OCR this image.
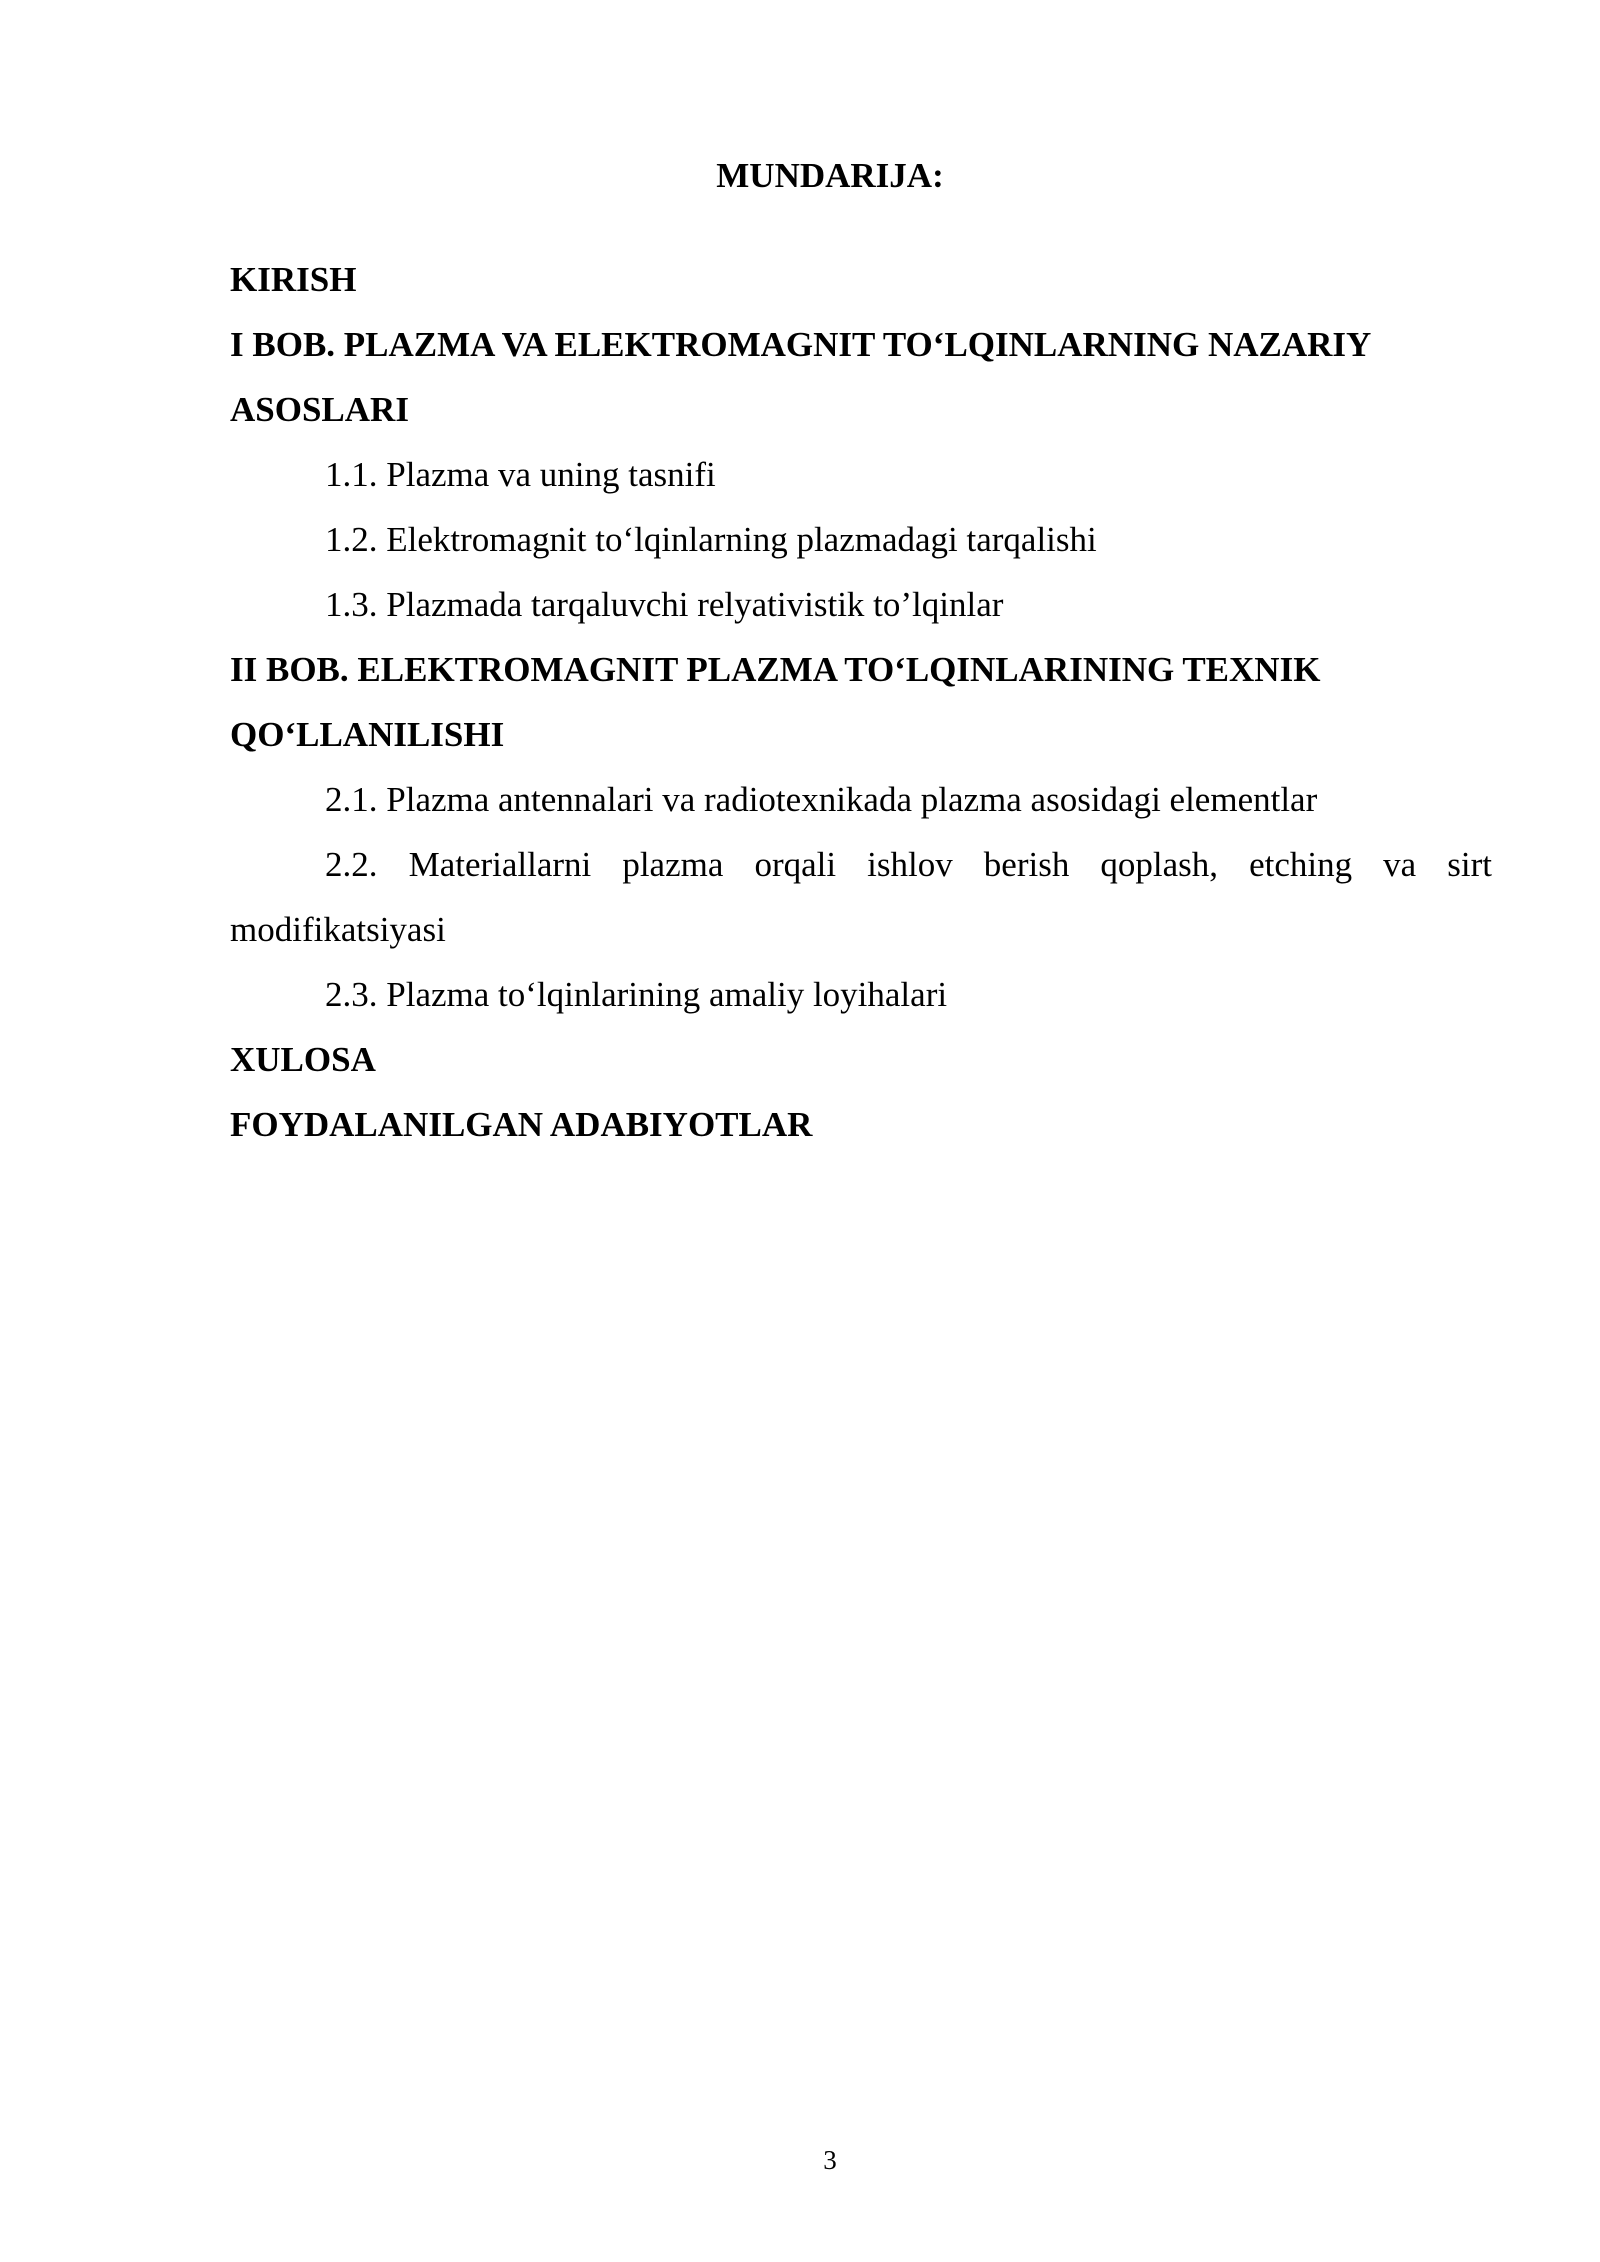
MUNDARIJA:
KIRISH
I BOB. PLAZMA VA ELEKTROMAGNIT TO‘LQINLARNING NAZARIY
ASOSLARI
1.1. Plazma va uning tasnifi
1.2. Elektromagnit to‘lqinlarning plazmadagi tarqalishi
1.3. Plazmada tarqaluvchi relyativistik to’lqinlar
II BOB. ELEKTROMAGNIT PLAZMA TO‘LQINLARINING TEXNIK
QO‘LLANILISHI
2.1. Plazma antennalari va radiotexnikada plazma asosidagi elementlar
2.2. Materiallarni plazma orqali ishlov berish qoplash, etching va sirt
modifikatsiyasi
2.3. Plazma to‘lqinlarining amaliy loyihalari
XULOSA
FOYDALANILGAN ADABIYOTLAR
3
